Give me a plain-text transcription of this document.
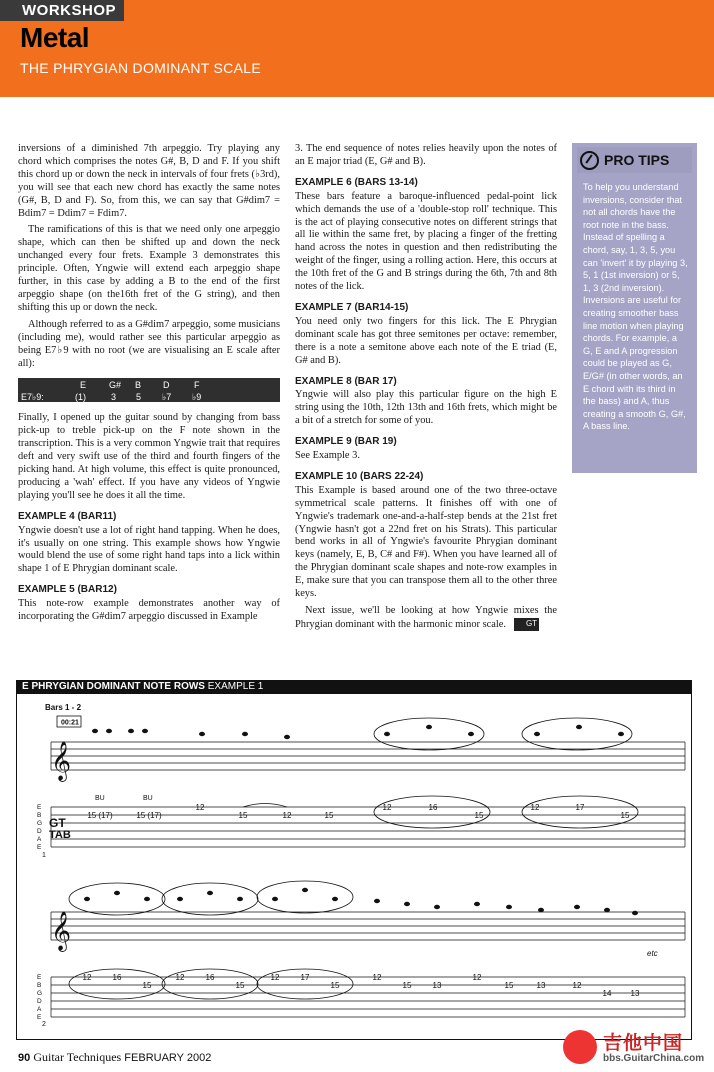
WORKSHOP
Metal
THE PHRYGIAN DOMINANT SCALE

inversions of a diminished 7th arpeggio. Try playing any chord which comprises the notes G#, B, D and F. If you shift this chord up or down the neck in intervals of four frets (♭3rd), you will see that each new chord has exactly the same notes (G#, B, D and F). So, from this, we can say that G#dim7 = Bdim7 = Ddim7 = Fdim7.

The ramifications of this is that we need only one arpeggio shape, which can then be shifted up and down the neck unchanged every four frets. Example 3 demonstrates this principle. Often, Yngwie will extend each arpeggio shape further, in this case by adding a B to the end of the first arpeggio shape (on the16th fret of the G string), and then shifting this up or down the neck.

Although referred to as a G#dim7 arpeggio, some musicians (including me), would rather see this particular arpeggio as being E7♭9 with no root (we are visualising an E scale after all):

E	G# B D	F
E7♭9:	(1)	3 5 ♭7 ♭9

Finally, I opened up the guitar sound by changing from bass pick-up to treble pick-up on the F note shown in the transcription. This is a very common Yngwie trait that requires deft and very swift use of the third and fourth fingers of the picking hand. At high volume, this effect is quite pronounced, producing a 'wah' effect. If you have any videos of Yngwie playing you'll see he does it all the time.

EXAMPLE 4 (BAR11)

Yngwie doesn't use a lot of right hand tapping. When he does, it's usually on one string. This example shows how Yngwie would blend the use of some right hand taps into a lick within shape 1 of E Phrygian dominant scale.

EXAMPLE 5 (BAR12)

This note-row example demonstrates another way of incorporating the G#dim7 arpeggio discussed in Example

3. The end sequence of notes relies heavily upon the notes of an E major triad (E, G# and B).

EXAMPLE 6 (BARS 13-14)

These bars feature a baroque-influenced pedal-point lick which demands the use of a 'double-stop roll' technique. This is the act of playing consecutive notes on different strings that all lie within the same fret, by placing a finger of the fretting hand across the notes in question and then redistributing the weight of the finger, using a rolling action. Here, this occurs at the 10th fret of the G and B strings during the 6th, 7th and 8th notes of the lick.

EXAMPLE 7 (BAR14-15)

You need only two fingers for this lick. The E Phrygian dominant scale has got three semitones per octave: remember, there is a note a semitone above each note of the E triad (E, G# and B).

EXAMPLE 8 (BAR 17)

Yngwie will also play this particular figure on the high E string using the 10th, 12th 13th and 16th frets, which might be a bit of a stretch for some of you.

EXAMPLE 9 (BAR 19)

See Example 3.

EXAMPLE 10 (BARS 22-24)

This Example is based around one of the two three-octave symmetrical scale patterns. It finishes off with one of Yngwie's trademark one-and-a-half-step bends at the 21st fret (Yngwie hasn't got a 22nd fret on his Strats). This particular bend works in all of Yngwie's favourite Phrygian dominant keys (namely, E, B, C# and F#). When you have learned all of the Phrygian dominant scale shapes and note-row examples in E, make sure that you can transpose them all to the other three keys.

Next issue, we'll be looking at how Yngwie mixes the Phrygian dominant with the harmonic minor scale.	GT

PRO TIPS
To help you understand inversions, consider that not all chords have the root note in the bass. Instead of spelling a chord, say, 1, 3, 5, you can 'invert' it by playing 3, 5, 1 (1st inversion) or 5, 1, 3 (2nd inversion). Inversions are useful for creating smoother bass line motion when playing chords. For example, a G, E and A progression could be played as G, E/G# (in other words, an E chord with its third in the bass) and A, thus creating a smooth G, G#, A bass line.
E PHRYGIAN DOMINANT NOTE ROWS EXAMPLE 1
Bars 1 - 2
00:21
𝄞
E
B
G
D
A
E
GT
TAB
1
BU	BU
15 (17)	15 (17)
12
15	12	15
12	16
15
12	17
15
𝄞
E
B
G
D
A
E
2
etc
12	16
15
12	16
15
12	17
15
12
15	13
12
15	13	12
14 13
90 Guitar Techniques FEBRUARY 2002
吉他中国
bbs.GuitarChina.com
